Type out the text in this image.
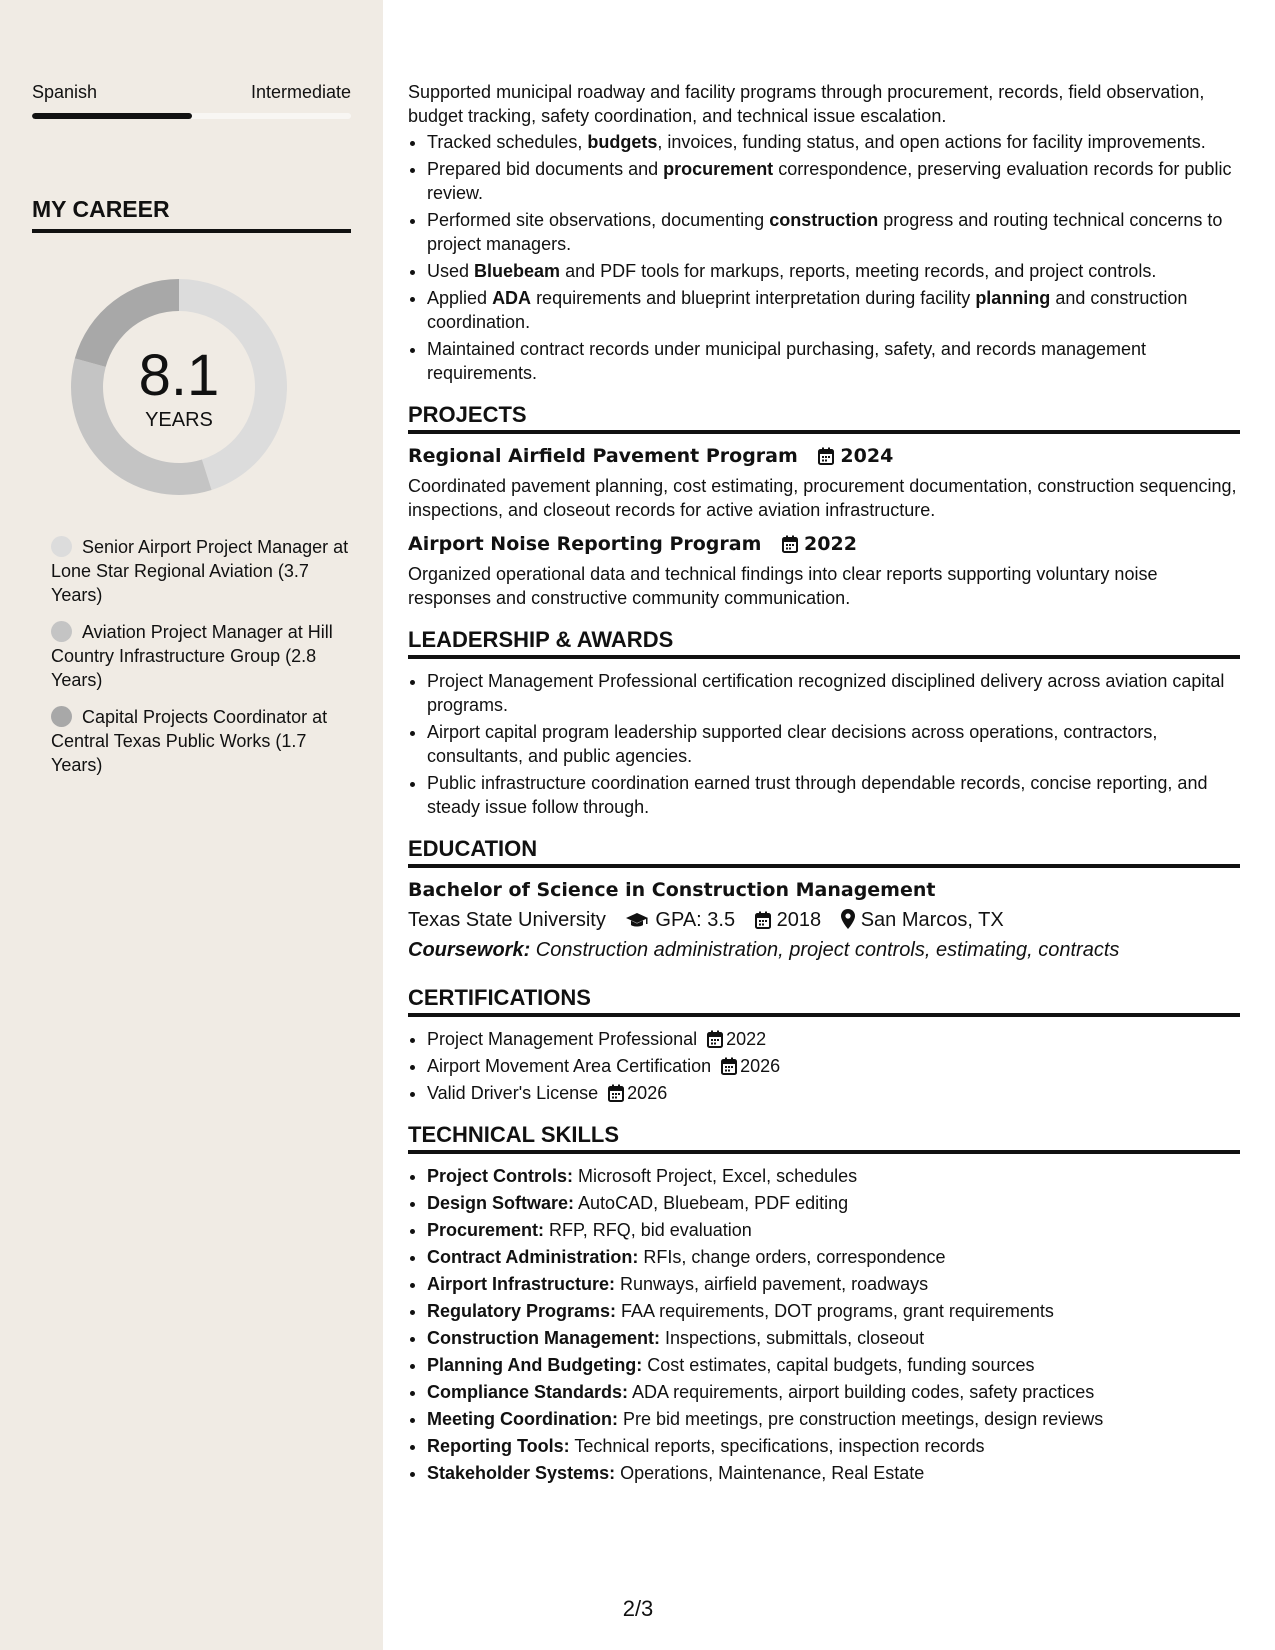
Spanish	Intermediate
MY CAREER
8.1
YEARS
Senior Airport Project Manager at Lone Star Regional Aviation (3.7 Years)
Aviation Project Manager at Hill Country Infrastructure Group (2.8 Years)
Capital Projects Coordinator at Central Texas Public Works (1.7 Years)

Supported municipal roadway and facility programs through procurement, records, field observation, budget tracking, safety coordination, and technical issue escalation.

• Tracked schedules, budgets, invoices, funding status, and open actions for facility improvements.
• Prepared bid documents and procurement correspondence, preserving evaluation records for public review.
• Performed site observations, documenting construction progress and routing technical concerns to project managers.
• Used Bluebeam and PDF tools for markups, reports, meeting records, and project controls.
• Applied ADA requirements and blueprint interpretation during facility planning and construction coordination.
• Maintained contract records under municipal purchasing, safety, and records management requirements.
PROJECTS
Regional Airfield Pavement Program 2024
Coordinated pavement planning, cost estimating, procurement documentation, construction sequencing, inspections, and closeout records for active aviation infrastructure.
Airport Noise Reporting Program 2022
Organized operational data and technical findings into clear reports supporting voluntary noise responses and constructive community communication.
LEADERSHIP & AWARDS
• Project Management Professional certification recognized disciplined delivery across aviation capital programs.
• Airport capital program leadership supported clear decisions across operations, contractors, consultants, and public agencies.
• Public infrastructure coordination earned trust through dependable records, concise reporting, and steady issue follow through.
EDUCATION
Bachelor of Science in Construction Management
Texas State University GPA: 3.5 2018 San Marcos, TX
Coursework: Construction administration, project controls, estimating, contracts
CERTIFICATIONS
• Project Management Professional 2022
• Airport Movement Area Certification 2026
• Valid Driver's License 2026
TECHNICAL SKILLS
• Project Controls: Microsoft Project, Excel, schedules
• Design Software: AutoCAD, Bluebeam, PDF editing
• Procurement: RFP, RFQ, bid evaluation
• Contract Administration: RFIs, change orders, correspondence
• Airport Infrastructure: Runways, airfield pavement, roadways
• Regulatory Programs: FAA requirements, DOT programs, grant requirements
• Construction Management: Inspections, submittals, closeout
• Planning And Budgeting: Cost estimates, capital budgets, funding sources
• Compliance Standards: ADA requirements, airport building codes, safety practices
• Meeting Coordination: Pre bid meetings, pre construction meetings, design reviews
• Reporting Tools: Technical reports, specifications, inspection records
• Stakeholder Systems: Operations, Maintenance, Real Estate
2/3
